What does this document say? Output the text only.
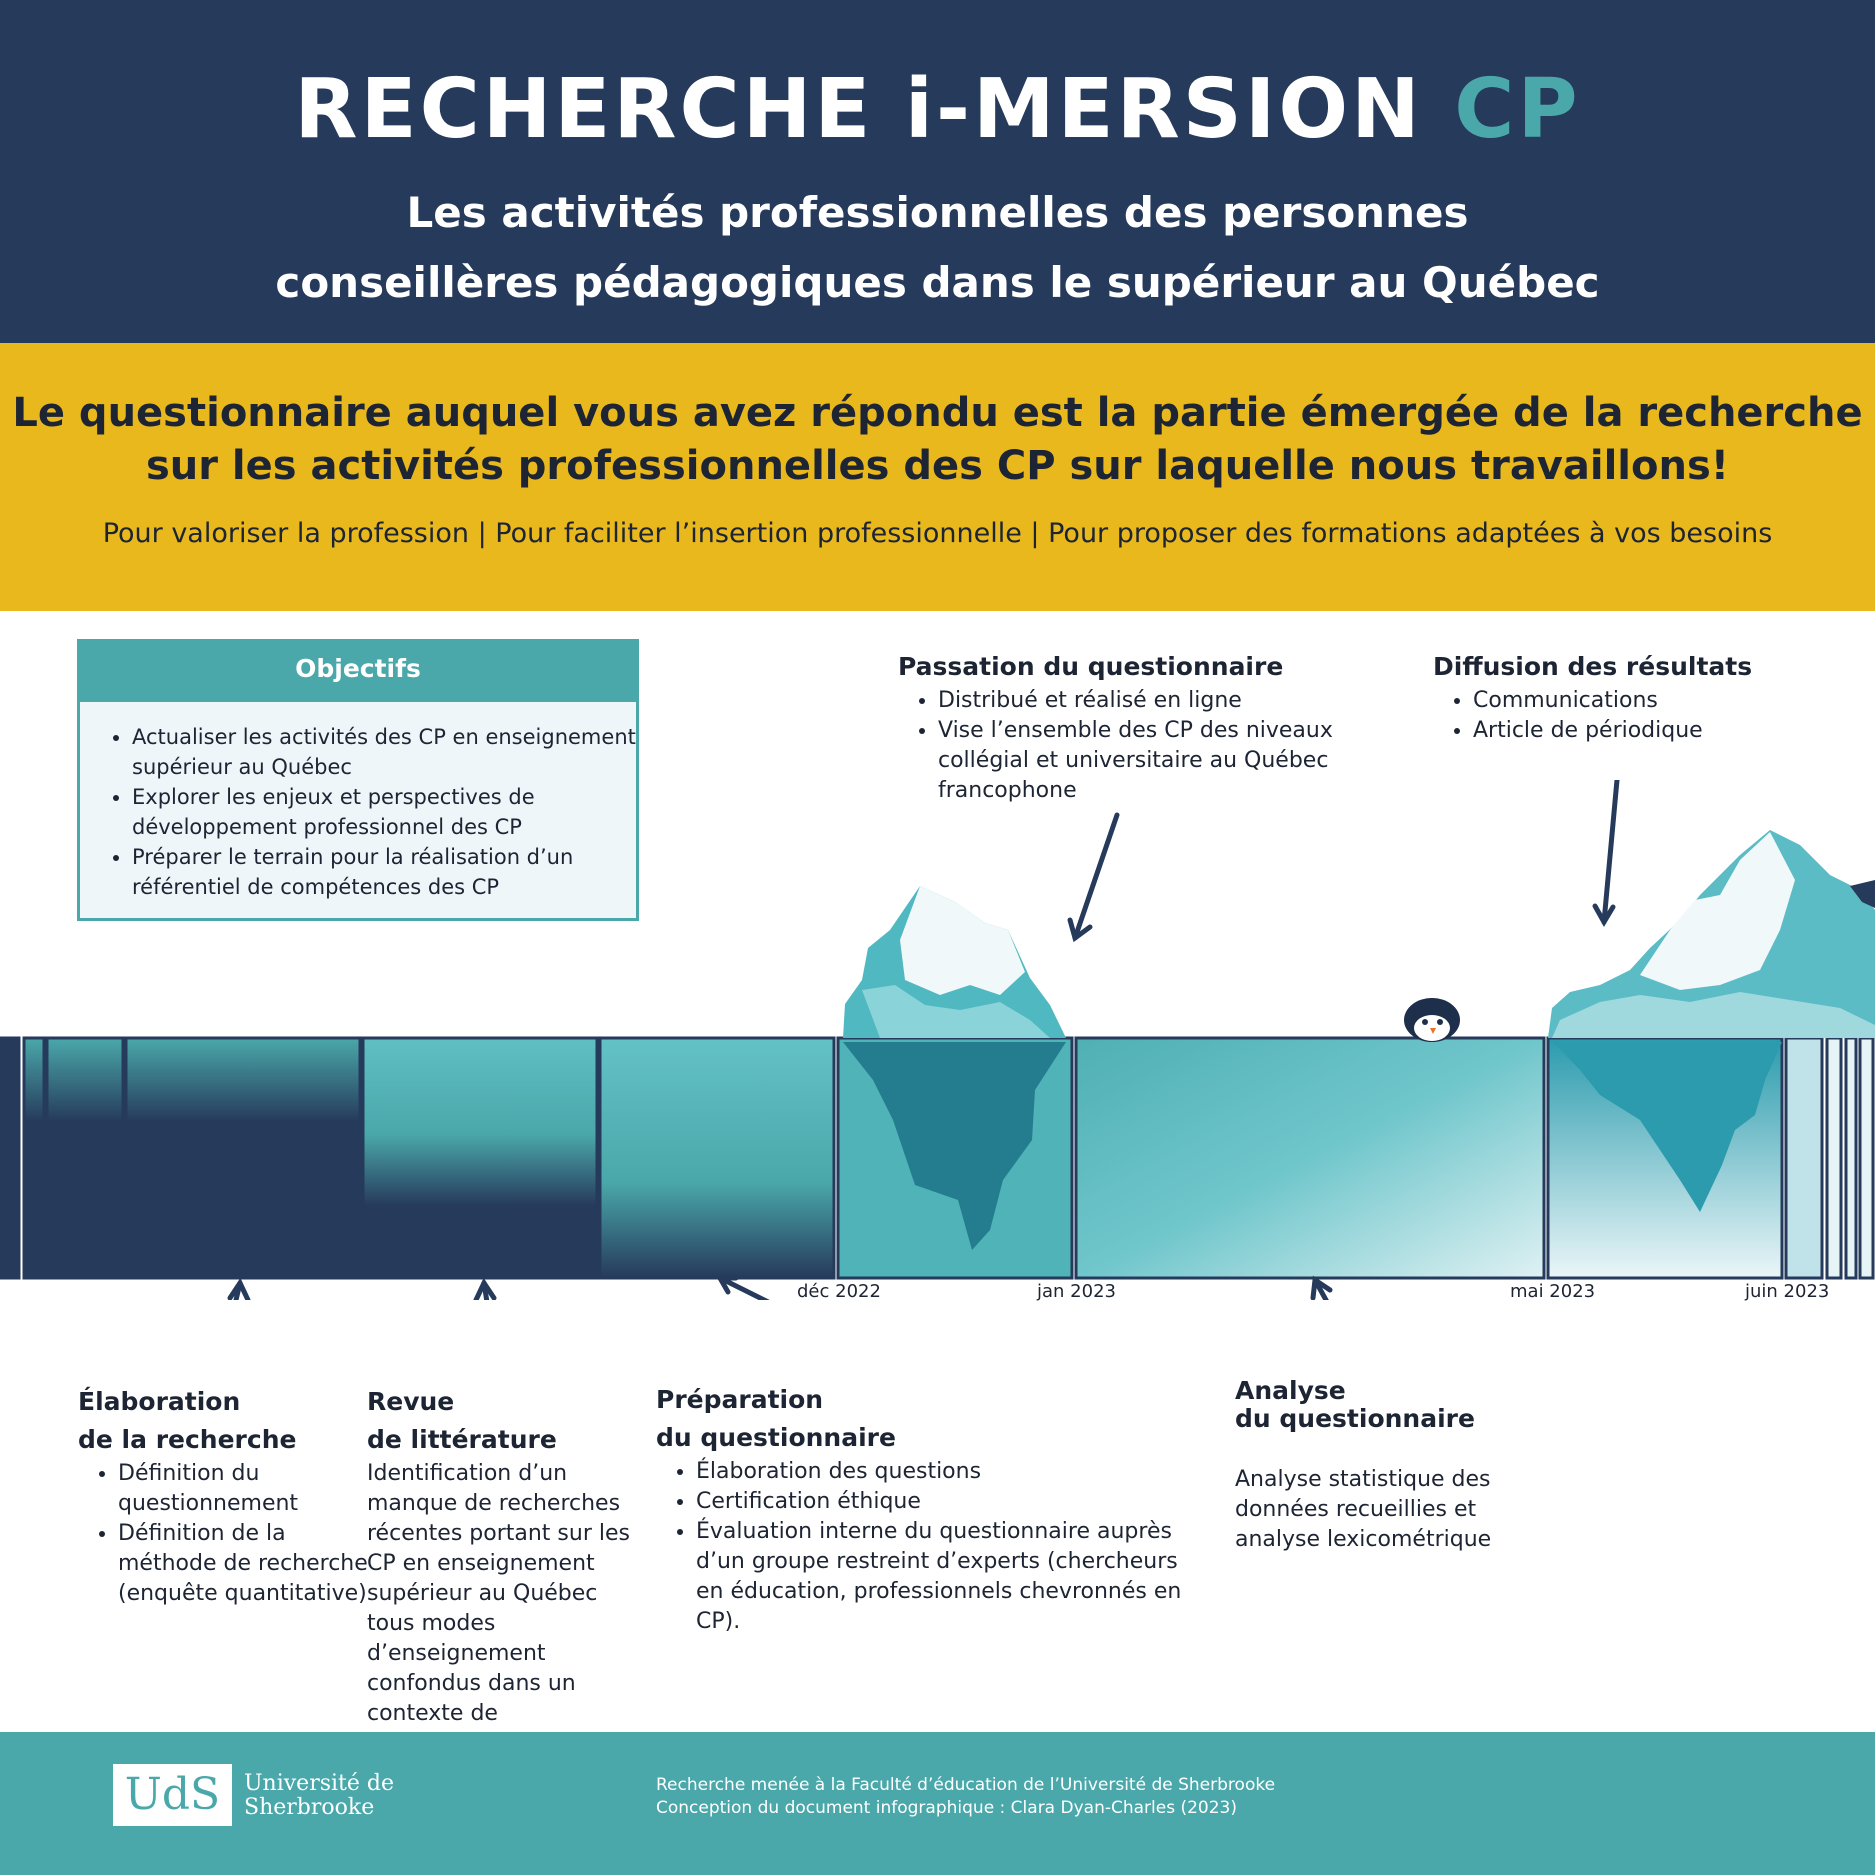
RECHERCHE i-MERSION CP
Les activités professionnelles des personnes
conseillères pédagogiques dans le supérieur au Québec
Le questionnaire auquel vous avez répondu est la partie émergée de la recherche
sur les activités professionnelles des CP sur laquelle nous travaillons!
Pour valoriser la profession | Pour faciliter l’insertion professionnelle | Pour proposer des formations adaptées à vos besoins
Objectifs
• Actualiser les activités des CP en enseignement supérieur au Québec
• Explorer les enjeux et perspectives de développement professionnel des CP
• Préparer le terrain pour la réalisation d’un référentiel de compétences des CP
Passation du questionnaire
• Distribué et réalisé en ligne
• Vise l’ensemble des CP des niveaux collégial et universitaire au Québec francophone
Diffusion des résultats
• Communications
• Article de périodique
déc 2022	jan 2023	mai 2023	juin 2023
Élaboration
de la recherche
• Définition du questionnement
• Définition de la méthode de recherche (enquête quantitative)
Revue
de littérature
Identification d’un manque de recherches récentes portant sur les CP en enseignement supérieur au Québec tous modes d’enseignement confondus dans un contexte de
Préparation
du questionnaire
• Élaboration des questions
• Certification éthique
• Évaluation interne du questionnaire auprès d’un groupe restreint d’experts (chercheurs en éducation, professionnels chevronnés en CP).
Analyse
du questionnaire
Analyse statistique des données recueillies et analyse lexicométrique
UdS	Université de
Sherbrooke
Recherche menée à la Faculté d’éducation de l’Université de Sherbrooke
Conception du document infographique : Clara Dyan-Charles (2023)
